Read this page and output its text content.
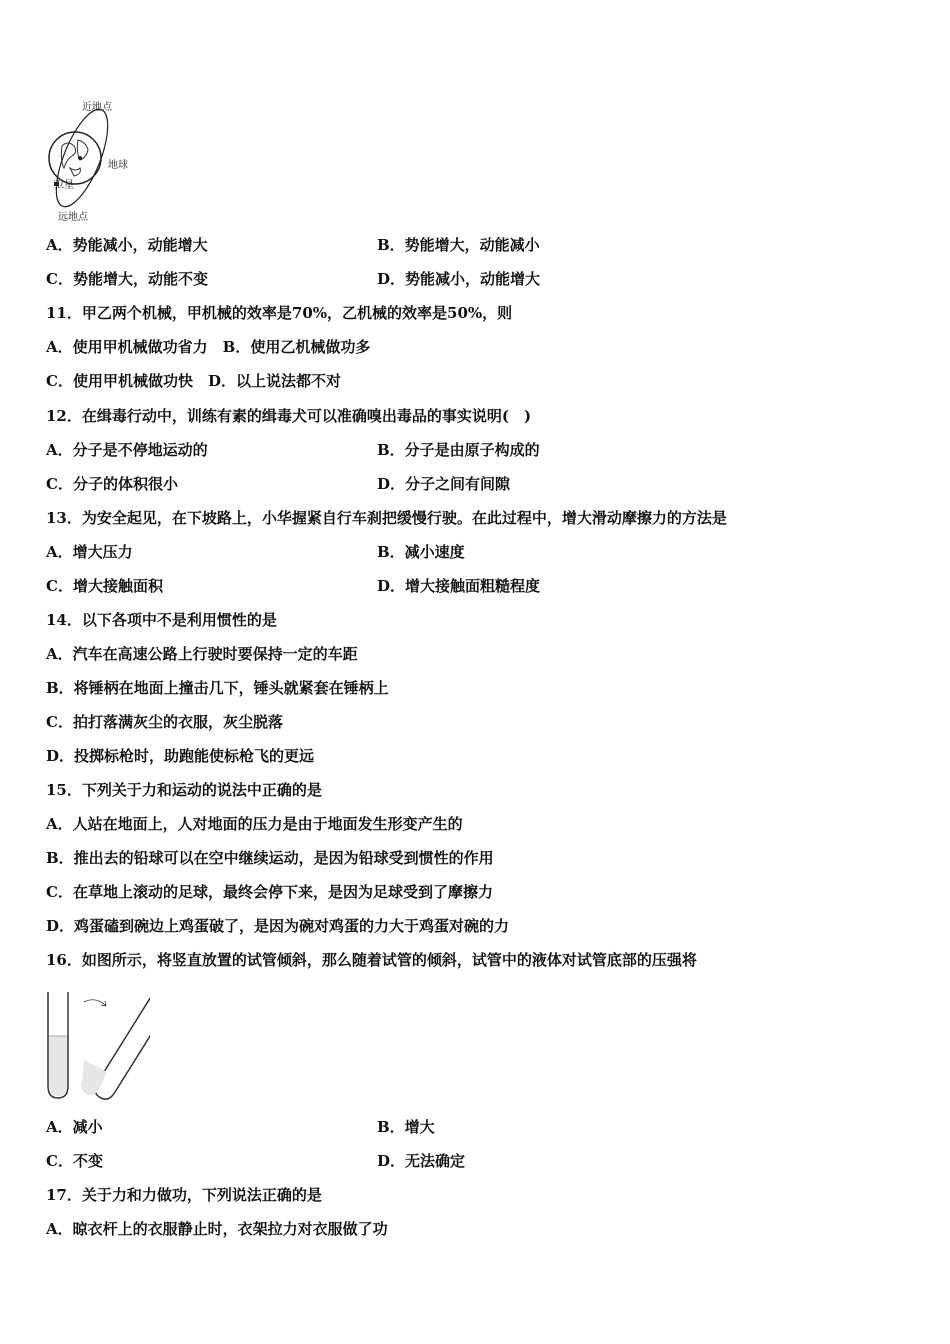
近地点
地球
卫星
远地点
A．势能减小，动能增大	B．势能增大，动能减小
C．势能增大，动能不变	D．势能减小，动能增大
11．甲乙两个机械，甲机械的效率是70%，乙机械的效率是50%，则
A．使用甲机械做功省力　B．使用乙机械做功多
C．使用甲机械做功快　D．以上说法都不对
12．在缉毒行动中，训练有素的缉毒犬可以准确嗅出毒品的事实说明(　)
A．分子是不停地运动的	B．分子是由原子构成的
C．分子的体积很小	D．分子之间有间隙
13．为安全起见，在下坡路上，小华握紧自行车刹把缓慢行驶。在此过程中，增大滑动摩擦力的方法是
A．增大压力	B．减小速度
C．增大接触面积	D．增大接触面粗糙程度
14．以下各项中不是利用惯性的是
A．汽车在高速公路上行驶时要保持一定的车距
B．将锤柄在地面上撞击几下，锤头就紧套在锤柄上
C．拍打落满灰尘的衣服，灰尘脱落
D．投掷标枪时，助跑能使标枪飞的更远
15．下列关于力和运动的说法中正确的是
A．人站在地面上，人对地面的压力是由于地面发生形变产生的
B．推出去的铅球可以在空中继续运动，是因为铅球受到惯性的作用
C．在草地上滚动的足球，最终会停下来，是因为足球受到了摩擦力
D．鸡蛋磕到碗边上鸡蛋破了，是因为碗对鸡蛋的力大于鸡蛋对碗的力
16．如图所示，将竖直放置的试管倾斜，那么随着试管的倾斜，试管中的液体对试管底部的压强将
A．减小	B．增大
C．不变	D．无法确定
17．关于力和力做功，下列说法正确的是
A．晾衣杆上的衣服静止时，衣架拉力对衣服做了功
